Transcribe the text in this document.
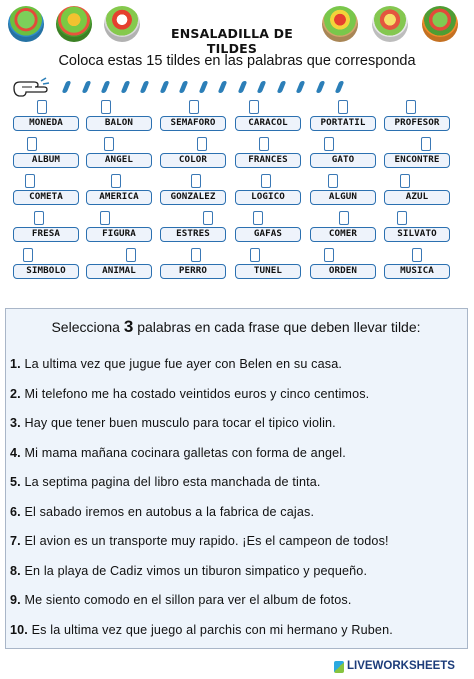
ENSALADILLA DE TILDES
Coloca estas 15 tildes en las palabras que corresponda
MONEDA	BALON	SEMAFORO	CARACOL	PORTATIL	PROFESOR
ALBUM	ANGEL	COLOR	FRANCES	GATO	ENCONTRE
COMETA	AMERICA	GONZALEZ	LOGICO	ALGUN	AZUL
FRESA	FIGURA	ESTRES	GAFAS	COMER	SILVATO
SIMBOLO	ANIMAL	PERRO	TUNEL	ORDEN	MUSICA
Selecciona 3 palabras en cada frase que deben llevar tilde:
1. La ultima vez que jugue fue ayer con Belen en su casa.
2. Mi telefono me ha costado veintidos euros y cinco centimos.
3. Hay que tener buen musculo para tocar el tipico violin.
4. Mi mama mañana cocinara galletas con forma de angel.
5. La septima pagina del libro esta manchada de tinta.
6. El sabado iremos en autobus a la fabrica de cajas.
7. El avion es un transporte muy rapido. ¡Es el campeon de todos!
8. En la playa de Cadiz vimos un tiburon simpatico y pequeño.
9. Me siento comodo en el sillon para ver el album de fotos.
10. Es la ultima vez que juego al parchis con mi hermano y Ruben.
LIVEWORKSHEETS
